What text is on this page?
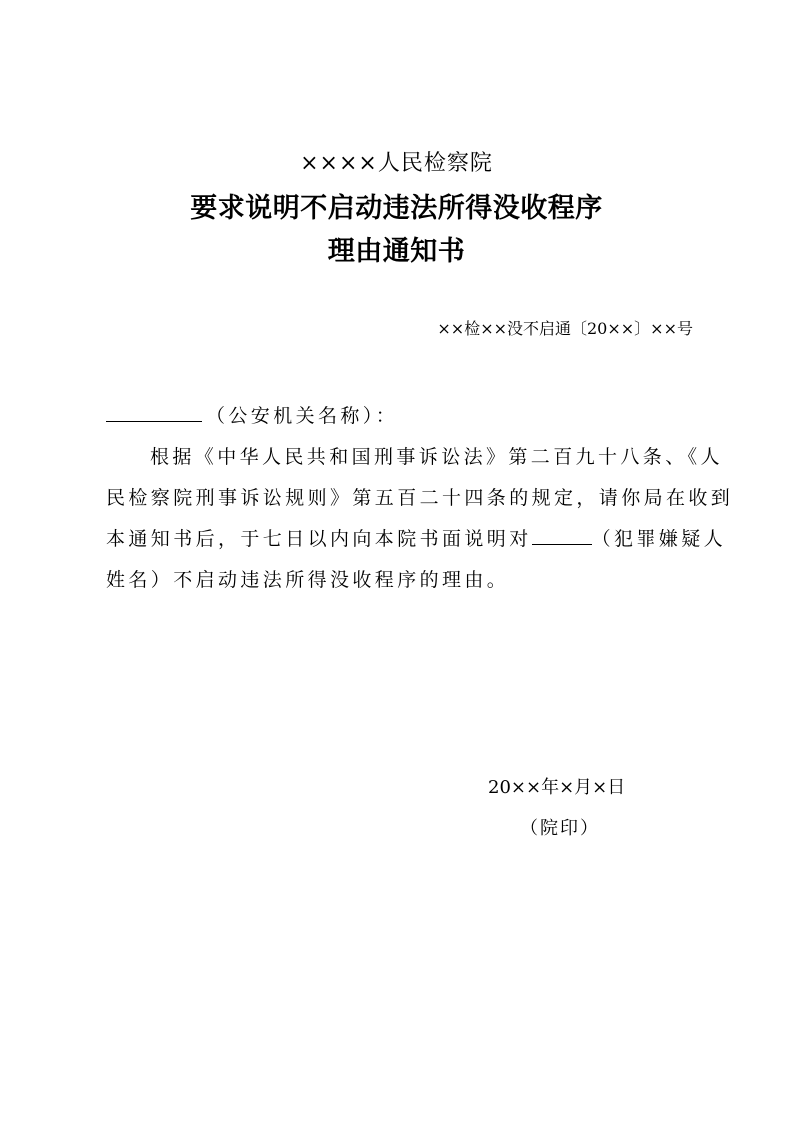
××××人民检察院
要求说明不启动违法所得没收程序
理由通知书
××检××没不启通〔20××〕××号
（公安机关名称）：
根据《中华人民共和国刑事诉讼法》第二百九十八条、《人
民检察院刑事诉讼规则》第五百二十四条的规定，请你局在收到
本通知书后，于七日以内向本院书面说明对	（犯罪嫌疑人
姓名）不启动违法所得没收程序的理由。
20××年×月×日
（院印）
